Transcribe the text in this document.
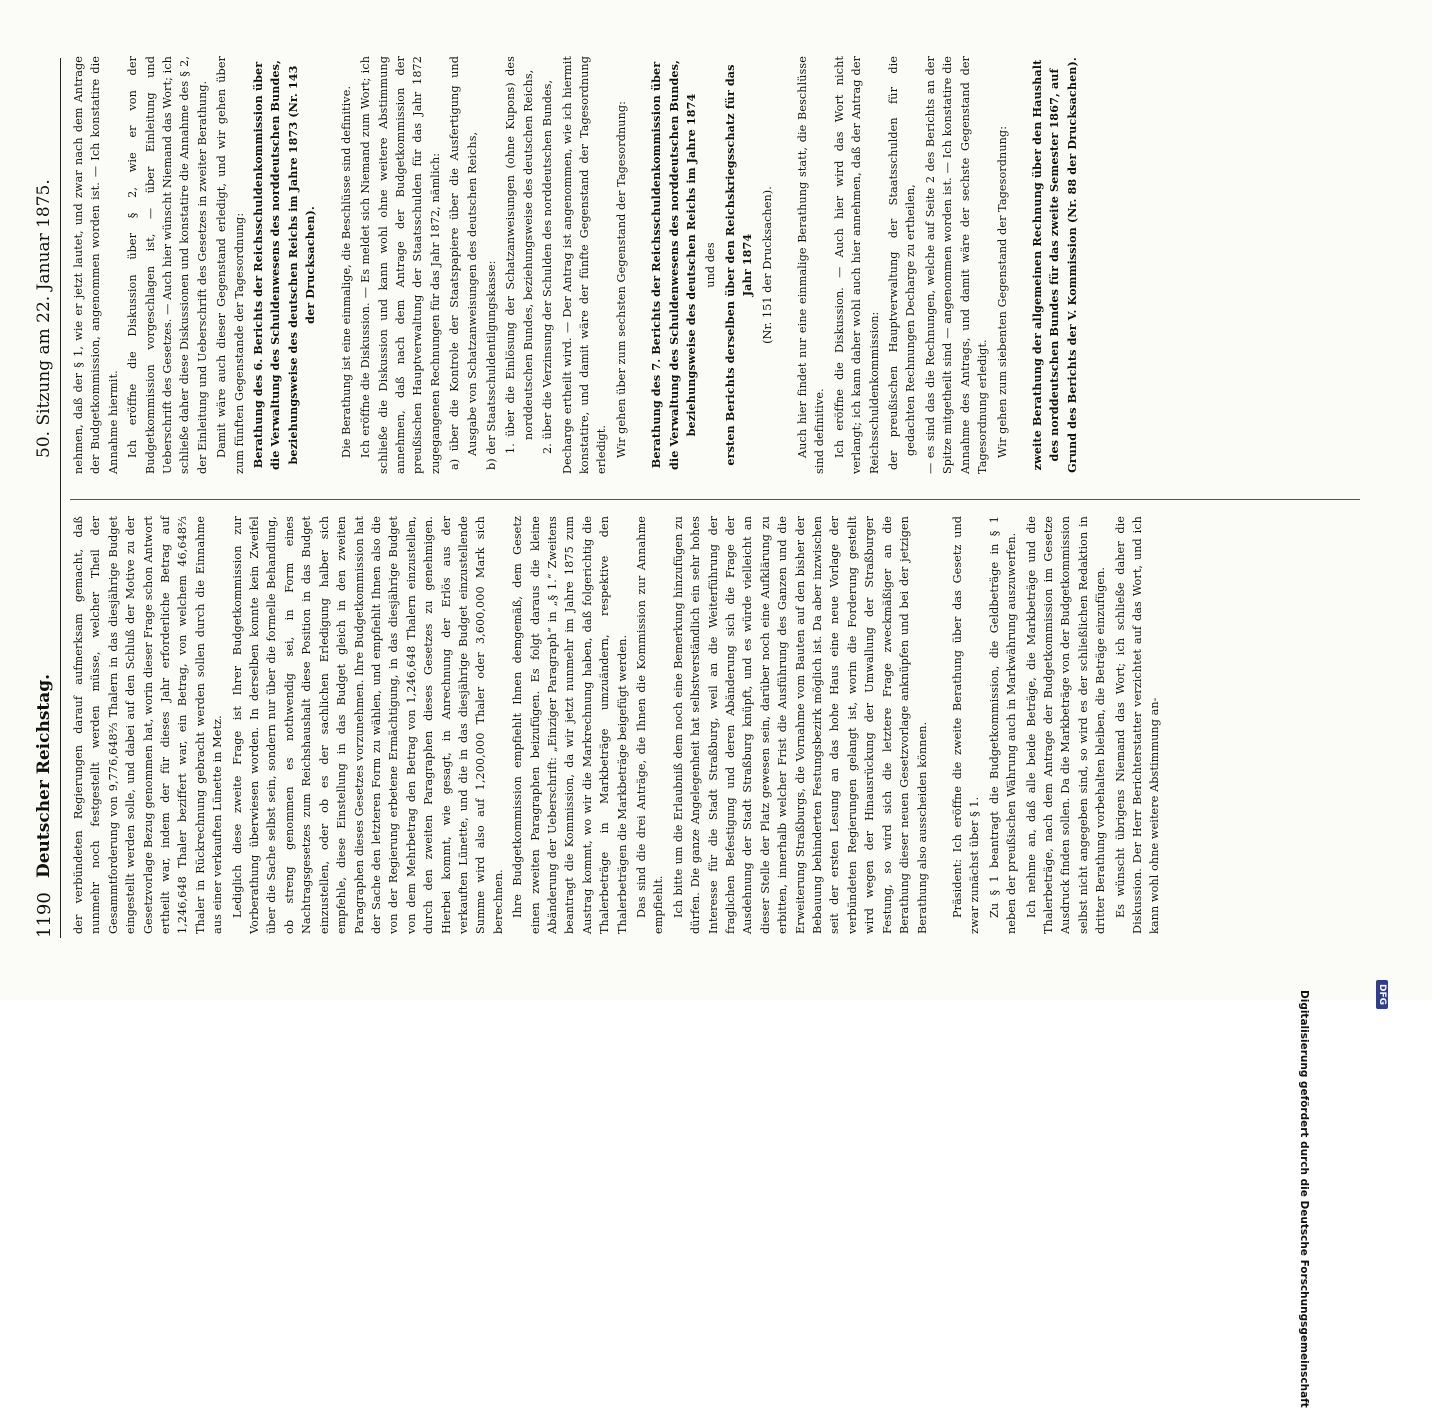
1190
Deutscher Reichstag.
50. Sitzung am 22. Januar 1875.

der verbündeten Regierungen darauf aufmerksam gemacht, daß nunmehr noch festgestellt werden müsse, welcher Theil der Gesammtforderung von 9,776,648⅔ Thalern in das diesjährige Budget eingestellt werden solle, und dabei auf den Schluß der Motive zu der Gesetzvorlage Bezug genommen hat, worin dieser Frage schon Antwort ertheilt war, indem der für dieses Jahr erforderliche Betrag auf 1,246,648 Thaler beziffert war, ein Betrag, von welchem 46,648⅔ Thaler in Rückrechnung gebracht werden sollen durch die Einnahme aus einer verkauften Lünette in Metz. Lediglich diese zweite Frage ist Ihrer Budgetkommission zur Vorberathung überwiesen worden. In derselben konnte kein Zweifel über die Sache selbst sein, sondern nur über die formelle Behandlung, ob streng genommen es nothwendig sei, in Form eines Nachtragsgesetzes zum Reichshaushalt diese Position in das Budget einzustellen, oder ob es der sachlichen Erledigung halber sich empfehle, diese Einstellung in das Budget gleich in den zweiten Paragraphen dieses Gesetzes vorzunehmen. Ihre Budgetkommission hat der Sache den letzteren Form zu wählen, und empfiehlt Ihnen also die von der Regierung erbetene Ermächtigung, in das diesjährige Budget von dem Mehrbetrag den Betrag von 1,246,648 Thalern einzustellen, durch den zweiten Paragraphen dieses Gesetzes zu genehmigen. Hierbei kommt, wie gesagt, in Anrechnung der Erlös aus der verkauften Lünette, und die in das diesjährige Budget einzustellende Summe wird also auf 1,200,000 Thaler oder 3,600,000 Mark sich berechnen. Ihre Budgetkommission empfiehlt Ihnen demgemäß, dem Gesetz einen zweiten Paragraphen beizufügen. Es folgt daraus die kleine Abänderung der Ueberschrift: „Einziger Paragraph“ in „§ 1.“ Zweitens beantragt die Kommission, da wir jetzt nunmehr im Jahre 1875 zum Austrag kommt, wo wir die Markrechnung haben, daß folgerichtig die Thalerbeträge in Markbeträge umzuändern, respektive den Thalerbeträgen die Markbeträge beigefügt werden. Das sind die drei Anträge, die Ihnen die Kommission zur Annahme empfiehlt. Ich bitte um die Erlaubniß dem noch eine Bemerkung hinzufügen zu dürfen. Die ganze Angelegenheit hat selbstverständlich ein sehr hohes Interesse für die Stadt Straßburg, weil an die Weiterführung der fraglichen Befestigung und deren Abänderung sich die Frage der Ausdehnung der Stadt Straßburg knüpft, und es würde vielleicht an dieser Stelle der Platz gewesen sein, darüber noch eine Aufklärung zu erbitten, innerhalb welcher Frist die Ausführung des Ganzen und die Erweiterung Straßburgs, die Vornahme vom Bauten auf den bisher der Bebauung behinderten Festungsbezirk möglich ist. Da aber inzwischen seit der ersten Lesung an das hohe Haus eine neue Vorlage der verbündeten Regierungen gelangt ist, worin die Forderung gestellt wird wegen der Hinausrückung der Umwallung der Straßburger Festung, so wird sich die letztere Frage zweckmäßiger an die Berathung dieser neuen Gesetzvorlage anknüpfen und bei der jetzigen Berathung also ausscheiden können. Präsident: Ich eröffne die zweite Berathung über das Gesetz und zwar zunächst über § 1. Zu § 1 beantragt die Budgetkommission, die Geldbeträge in § 1 neben der preußischen Währung auch in Markwährung auszuwerfen. Ich nehme an, daß alle beide Beträge, die Markbeträge und die Thalerbeträge, nach dem Antrage der Budgetkommission im Gesetze Ausdruck finden sollen. Da die Markbeträge von der Budgetkommission selbst nicht angegeben sind, so wird es der schließlichen Redaktion in dritter Berathung vorbehalten bleiben, die Beträge einzufügen. Es wünscht übrigens Niemand das Wort; ich schließe daher die Diskussion. Der Herr Berichterstatter verzichtet auf das Wort, und ich kann wohl ohne weitere Abstimmung an-

nehmen, daß der § 1, wie er jetzt lautet, und zwar nach dem Antrage der Budgetkommission, angenommen worden ist. — Ich konstatire die Annahme hiermit. Ich eröffne die Diskussion über § 2, wie er von der Budgetkommission vorgeschlagen ist, — über Einleitung und Ueberschrift des Gesetzes. — Auch hier wünscht Niemand das Wort; ich schließe daher diese Diskussionen und konstatire die Annahme des § 2, der Einleitung und Ueberschrift des Gesetzes in zweiter Berathung. Damit wäre auch dieser Gegenstand erledigt, und wir gehen über zum fünften Gegenstande der Tagesordnung: Berathung des 6. Berichts der Reichsschuldenkommission über die Verwaltung des Schuldenwesens des norddeutschen Bundes, beziehungsweise des deutschen Reichs im Jahre 1873 (Nr. 143 der Drucksachen). Die Berathung ist eine einmalige, die Beschlüsse sind definitive. Ich eröffne die Diskussion. — Es meldet sich Niemand zum Wort; ich schließe die Diskussion und kann wohl ohne weitere Abstimmung annehmen, daß nach dem Antrage der Budgetkommission der preußischen Hauptverwaltung der Staatsschulden für das Jahr 1872 zugegangenen Rechnungen für das Jahr 1872, nämlich: a) über die Kontrole der Staatspapiere über die Ausfertigung und Ausgabe von Schatzanweisungen des deutschen Reichs, b) der Staatsschuldentilgungskasse: 1. über die Einlösung der Schatzanweisungen (ohne Kupons) des norddeutschen Bundes, beziehungsweise des deutschen Reichs, 2. über die Verzinsung der Schulden des norddeutschen Bundes, Decharge ertheilt wird. — Der Antrag ist angenommen, wie ich hiermit konstatire, und damit wäre der fünfte Gegenstand der Tagesordnung erledigt. Wir gehen über zum sechsten Gegenstand der Tagesordnung: Berathung des 7. Berichts der Reichsschuldenkommission über die Verwaltung des Schuldenwesens des norddeutschen Bundes, beziehungsweise des deutschen Reichs im Jahre 1874 und des ersten Berichts derselben über den Reichskriegsschatz für das Jahr 1874 (Nr. 151 der Drucksachen). Auch hier findet nur eine einmalige Berathung statt, die Beschlüsse sind definitive. Ich eröffne die Diskussion. — Auch hier wird das Wort nicht verlangt; ich kann daher wohl auch hier annehmen, daß der Antrag der Reichsschuldenkommission: der preußischen Hauptverwaltung der Staatsschulden für die gedachten Rechnungen Decharge zu ertheilen, — es sind das die Rechnungen, welche auf Seite 2 des Berichts an der Spitze mitgetheilt sind — angenommen worden ist. — Ich konstatire die Annahme des Antrags, und damit wäre der sechste Gegenstand der Tagesordnung erledigt. Wir gehen zum siebenten Gegenstand der Tagesordnung: zweite Berathung der allgemeinen Rechnung über den Haushalt des norddeutschen Bundes für das zweite Semester 1867, auf Grund des Berichts der V. Kommission (Nr. 88 der Drucksachen).

Digitalisierung gefördert durch die Deutsche Forschungsgemeinschaft	DFG
